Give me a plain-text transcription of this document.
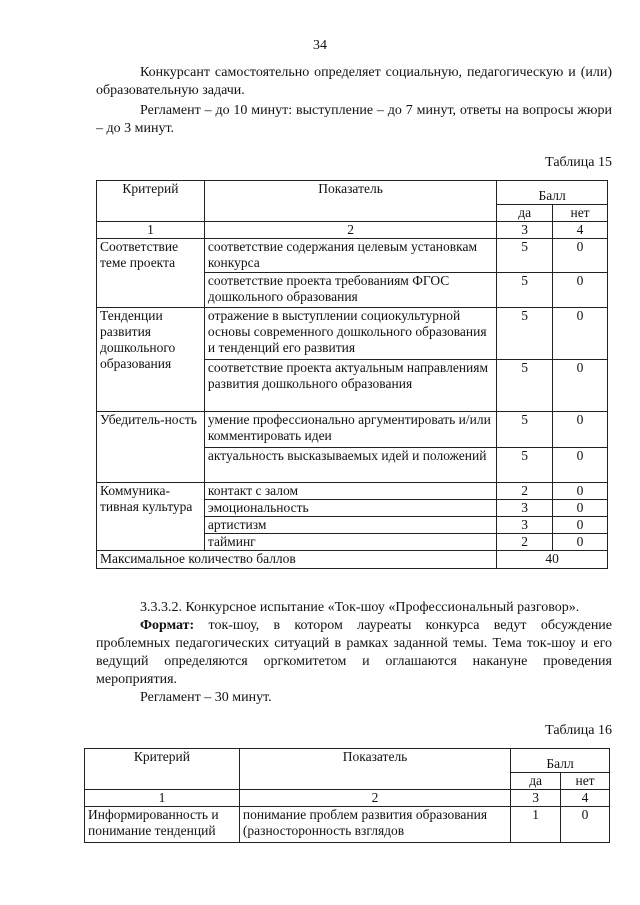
34
Конкурсант самостоятельно определяет социальную, педагогическую и (или) образовательную задачи.
Регламент – до 10 минут: выступление – до 7 минут, ответы на вопросы жюри – до 3 минут.
Таблица 15
Критерий	Показатель	Балл	
		да	нет
1	2	3	4
Соответствие теме проекта	соответствие содержания целевым установкам конкурса	5	0
	соответствие проекта требованиям ФГОС дошкольного образования	5	0
Тенденции развития дошкольного образования	отражение в выступлении социокультурной основы современного дошкольного образования и тенденций его развития	5	0
	соответствие проекта актуальным направлениям развития дошкольного образования	5	0
Убедитель-ность	умение профессионально аргументировать и/или комментировать идеи	5	0
	актуальность высказываемых идей и положений	5	0
Коммуника-тивная культура	контакт с залом	2	0
	эмоциональность	3	0
	артистизм	3	0
	тайминг	2	0
Максимальное количество баллов		40	
3.3.3.2. Конкурсное испытание «Ток-шоу «Профессиональный разговор».
Формат: ток-шоу, в котором лауреаты конкурса ведут обсуждение проблемных педагогических ситуаций в рамках заданной темы. Тема ток-шоу и его ведущий определяются оргкомитетом и оглашаются накануне проведения мероприятия.
Регламент – 30 минут.
Таблица 16
Критерий	Показатель	Балл	
		да	нет
1	2	3	4
Информированность и понимание тенденций	понимание проблем развития образования (разносторонность взглядов	1	0
